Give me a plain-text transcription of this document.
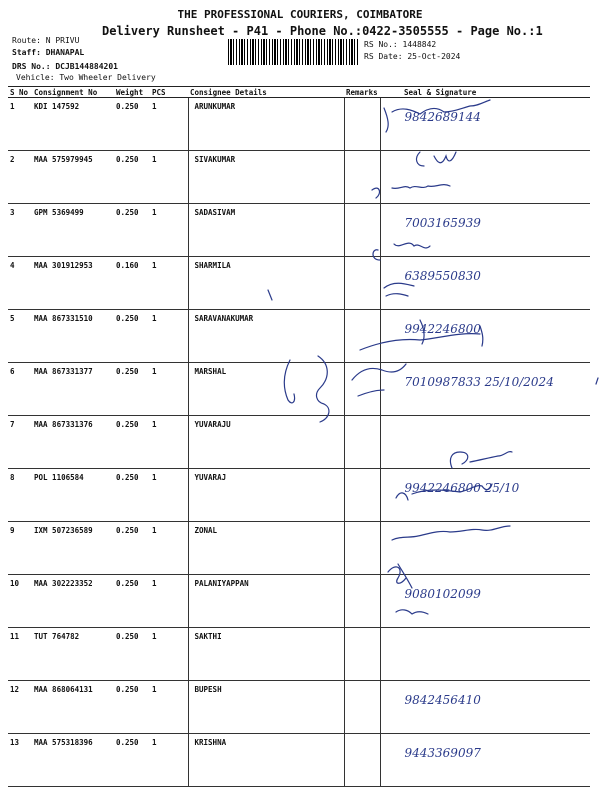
THE PROFESSIONAL COURIERS, COIMBATORE
Delivery Runsheet - P41 - Phone No.:0422-3505555 - Page No.:1
Route: N PRIVU
Staff: DHANAPAL
DRS No.: DCJB144884201
Vehicle: Two Wheeler Delivery
RS No.: 1448842
RS Date: 25-Oct-2024
S No	Consignment No	Weight	PCS	Consignee Details	Remarks	Seal & Signature
1	KDI 147592	0.250	1	ARUNKUMAR		9842689144
2	MAA 575979945	0.250	1	SIVAKUMAR		
3	GPM 5369499	0.250	1	SADASIVAM		7003165939
4	MAA 301912953	0.160	1	SHARMILA		6389550830
5	MAA 867331510	0.250	1	SARAVANAKUMAR		9942246800
6	MAA 867331377	0.250	1	MARSHAL		7010987833 25/10/2024
7	MAA 867331376	0.250	1	YUVARAJU		
8	POL 1106584	0.250	1	YUVARAJ		9942246800 25/10
9	IXM 507236589	0.250	1	ZONAL		
10	MAA 302223352	0.250	1	PALANIYAPPAN		9080102099
11	TUT 764782	0.250	1	SAKTHI		
12	MAA 868064131	0.250	1	BUPESH		9842456410
13	MAA 575318396	0.250	1	KRISHNA		9443369097
